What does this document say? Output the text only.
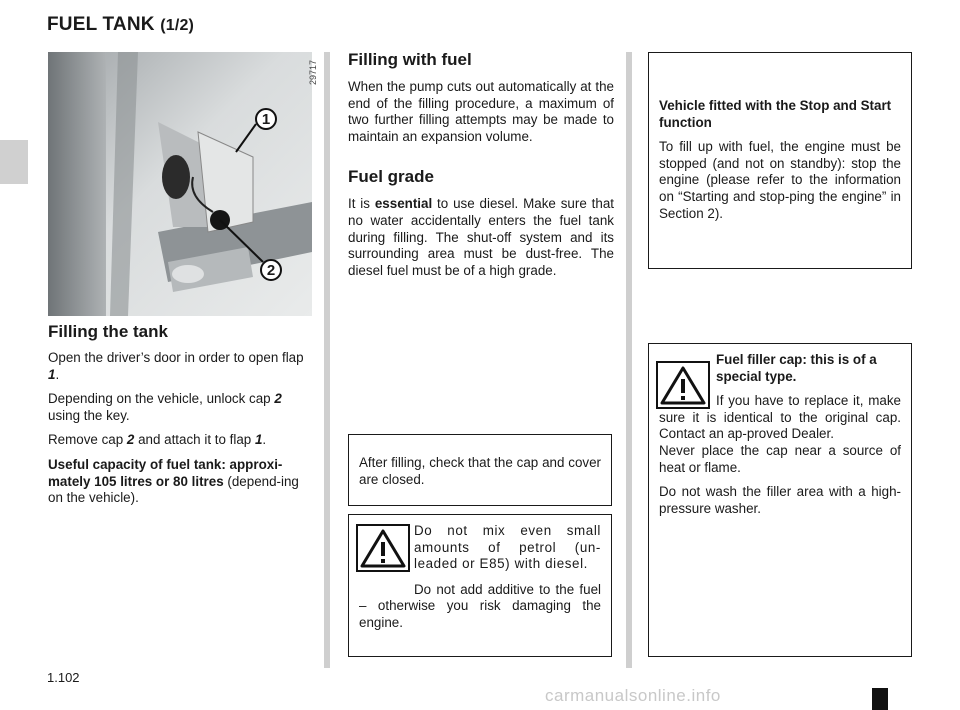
FUEL TANK (1/2)
29717
1
2
Filling the tank

Open the driver’s door in order to open flap 1.

Depending on the vehicle, unlock cap 2 using the key.

Remove cap 2 and attach it to flap 1.

Useful capacity of fuel tank: approxi-mately 105 litres or 80 litres (depend-ing on the vehicle).

Filling with fuel

When the pump cuts out automatically at the end of the filling procedure, a maximum of two further filling attempts may be made to maintain an expansion volume.

Fuel grade

It is essential to use diesel. Make sure that no water accidentally enters the fuel tank during filling. The shut-off system and its surrounding area must be dust-free. The diesel fuel must be of a high grade.

After filling, check that the cap and cover are closed.

Do not mix even small amounts of petrol (un-leaded or E85) with diesel.

Do not add additive to the fuel – otherwise you risk damaging the engine.

Vehicle fitted with the Stop and Start function

To fill up with fuel, the engine must be stopped (and not on standby): stop the engine (please refer to the information on “Starting and stop-ping the engine” in Section 2).

Fuel filler cap: this is of a special type.

If you have to replace it, make sure it is identical to the original cap. Contact an ap-proved Dealer.
Never place the cap near a source of heat or flame.

Do not wash the filler area with a high-pressure washer.

1.102
carmanualsonline.info
